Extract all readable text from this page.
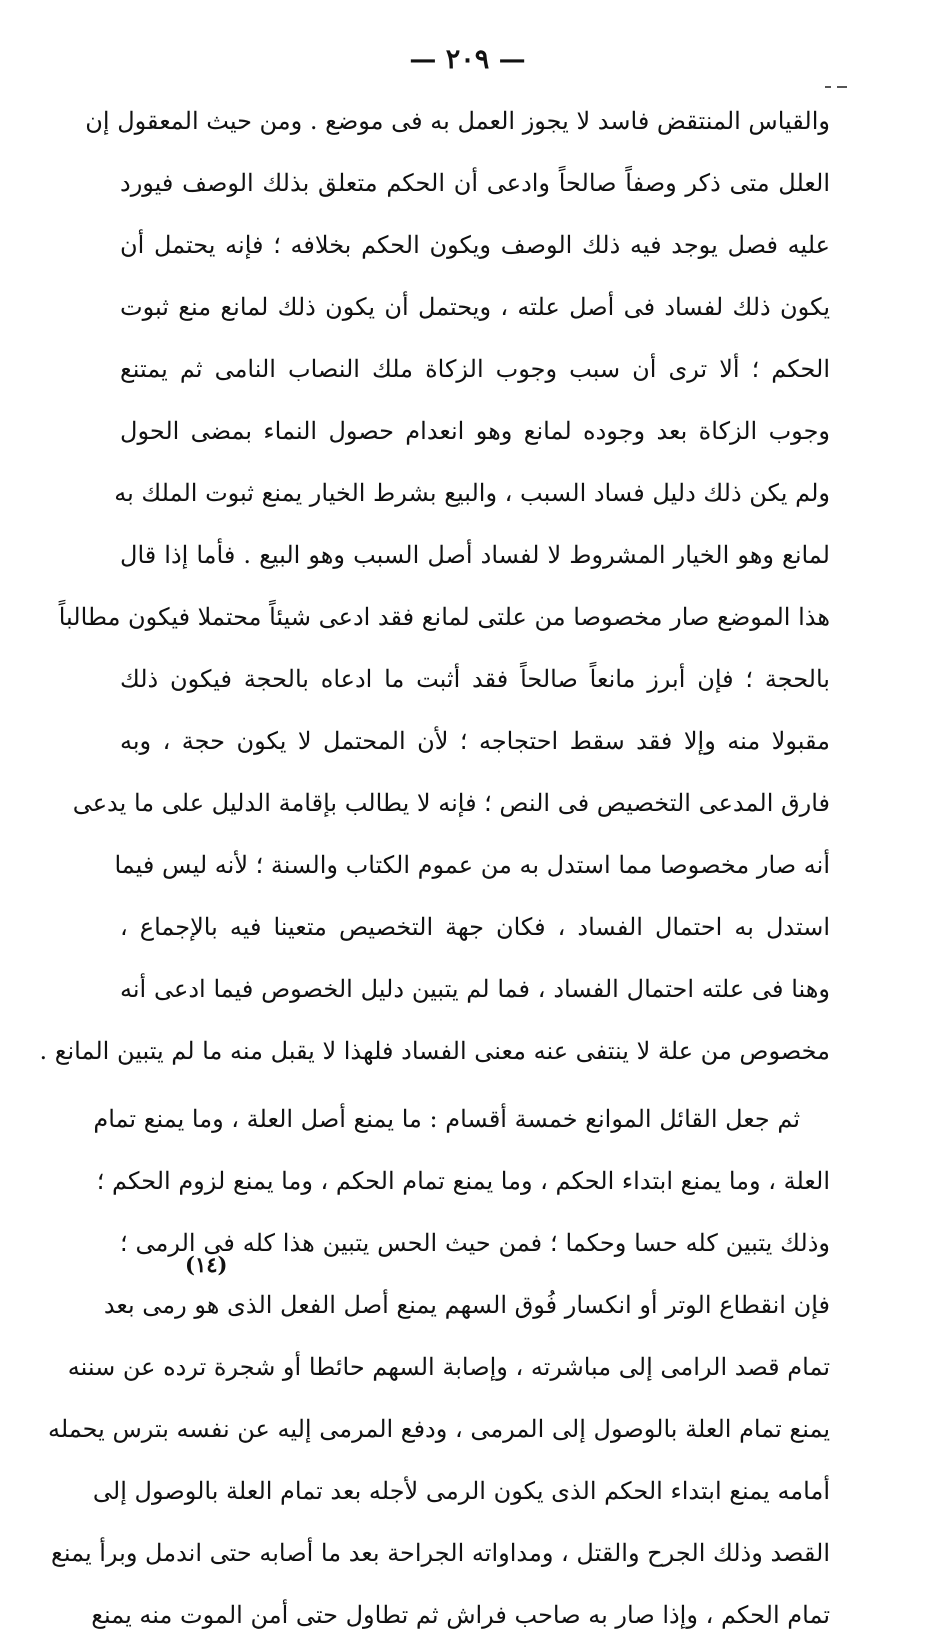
— ٢٠٩ —
والقياس المنتقض فاسد لا يجوز العمل به فى موضع . ومن حيث المعقول إن
العلل متى ذكر وصفاً صالحاً وادعى أن الحكم متعلق بذلك الوصف فيورد
عليه فصل يوجد فيه ذلك الوصف ويكون الحكم بخلافه ؛ فإنه يحتمل أن
يكون ذلك لفساد فى أصل علته ، ويحتمل أن يكون ذلك لمانع منع ثبوت
الحكم ؛ ألا ترى أن سبب وجوب الزكاة ملك النصاب النامى ثم يمتنع
وجوب الزكاة بعد وجوده لمانع وهو انعدام حصول النماء بمضى الحول
ولم يكن ذلك دليل فساد السبب ، والبيع بشرط الخيار يمنع ثبوت الملك به
لمانع وهو الخيار المشروط لا لفساد أصل السبب وهو البيع . فأما إذا قال
هذا الموضع صار مخصوصا من علتى لمانع فقد ادعى شيئاً محتملا فيكون مطالباً
بالحجة ؛ فإن أبرز مانعاً صالحاً فقد أثبت ما ادعاه بالحجة فيكون ذلك
مقبولا منه وإلا فقد سقط احتجاجه ؛ لأن المحتمل لا يكون حجة ، وبه
فارق المدعى التخصيص فى النص ؛ فإنه لا يطالب بإقامة الدليل على ما يدعى
أنه صار مخصوصا مما استدل به من عموم الكتاب والسنة ؛ لأنه ليس فيما
استدل به احتمال الفساد ، فكان جهة التخصيص متعينا فيه بالإجماع ،
وهنا فى علته احتمال الفساد ، فما لم يتبين دليل الخصوص فيما ادعى أنه
مخصوص من علة لا ينتفى عنه معنى الفساد فلهذا لا يقبل منه ما لم يتبين المانع .
ثم جعل القائل الموانع خمسة أقسام : ما يمنع أصل العلة ، وما يمنع تمام
العلة ، وما يمنع ابتداء الحكم ، وما يمنع تمام الحكم ، وما يمنع لزوم الحكم ؛
وذلك يتبين كله حسا وحكما ؛ فمن حيث الحس يتبين هذا كله فى الرمى ؛
فإن انقطاع الوتر أو انكسار فُوق السهم يمنع أصل الفعل الذى هو رمى بعد
تمام قصد الرامى إلى مباشرته ، وإصابة السهم حائطا أو شجرة ترده عن سننه
يمنع تمام العلة بالوصول إلى المرمى ، ودفع المرمى إليه عن نفسه بترس يحمله
أمامه يمنع ابتداء الحكم الذى يكون الرمى لأجله بعد تمام العلة بالوصول إلى
القصد وذلك الجرح والقتل ، ومداواته الجراحة بعد ما أصابه حتى اندمل وبرأ يمنع
تمام الحكم ، وإذا صار به صاحب فراش ثم تطاول حتى أمن الموت منه يمنع
(١٤)
